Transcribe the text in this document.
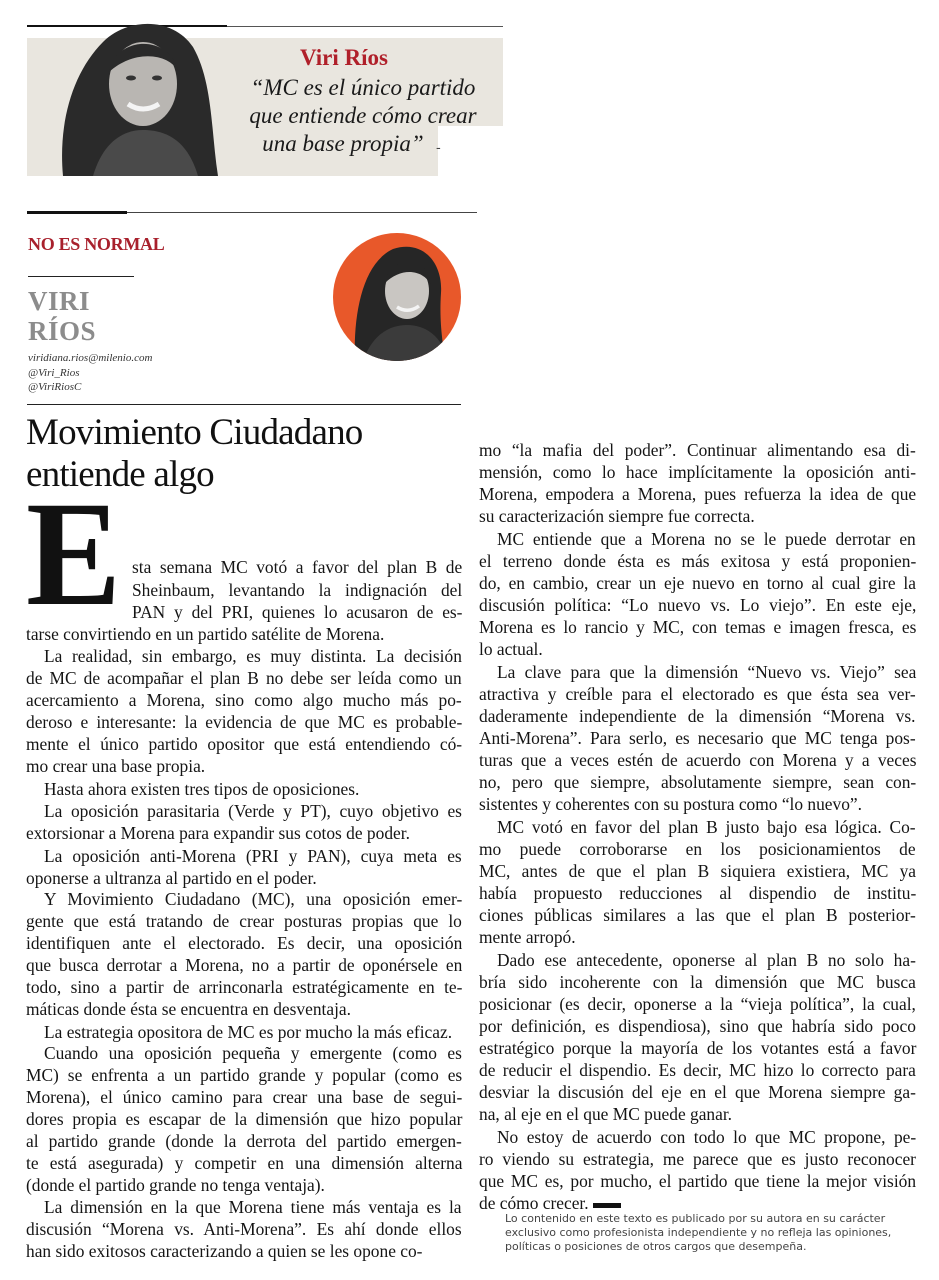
Viri Ríos
“MC es el único partido
que entiende cómo crear
una base propia” -
NO ES NORMAL
VIRI
RÍOS
viridiana.rios@milenio.com
@Viri_Rios
@ViriRiosC
Movimiento Ciudadano
entiende algo
E sta semana MC votó a favor del plan B de
Sheinbaum, levantando la indignación del
PAN y del PRI, quienes lo acusaron de es-
tarse convirtiendo en un partido satélite de Morena.
La realidad, sin embargo, es muy distinta. La decisión
de MC de acompañar el plan B no debe ser leída como un
acercamiento a Morena, sino como algo mucho más po-
deroso e interesante: la evidencia de que MC es probable-
mente el único partido opositor que está entendiendo có-
mo crear una base propia.
Hasta ahora existen tres tipos de oposiciones.
La oposición parasitaria (Verde y PT), cuyo objetivo es
extorsionar a Morena para expandir sus cotos de poder.
La oposición anti-Morena (PRI y PAN), cuya meta es
oponerse a ultranza al partido en el poder.
Y Movimiento Ciudadano (MC), una oposición emer-
gente que está tratando de crear posturas propias que lo
identifiquen ante el electorado. Es decir, una oposición
que busca derrotar a Morena, no a partir de oponérsele en
todo, sino a partir de arrinconarla estratégicamente en te-
máticas donde ésta se encuentra en desventaja.
La estrategia opositora de MC es por mucho la más eficaz.
Cuando una oposición pequeña y emergente (como es
MC) se enfrenta a un partido grande y popular (como es
Morena), el único camino para crear una base de segui-
dores propia es escapar de la dimensión que hizo popular
al partido grande (donde la derrota del partido emergen-
te está asegurada) y competir en una dimensión alterna
(donde el partido grande no tenga ventaja).
La dimensión en la que Morena tiene más ventaja es la
discusión “Morena vs. Anti-Morena”. Es ahí donde ellos
han sido exitosos caracterizando a quien se les opone co-
mo “la mafia del poder”. Continuar alimentando esa di-
mensión, como lo hace implícitamente la oposición anti-
Morena, empodera a Morena, pues refuerza la idea de que
su caracterización siempre fue correcta.
MC entiende que a Morena no se le puede derrotar en
el terreno donde ésta es más exitosa y está proponien-
do, en cambio, crear un eje nuevo en torno al cual gire la
discusión política: “Lo nuevo vs. Lo viejo”. En este eje,
Morena es lo rancio y MC, con temas e imagen fresca, es
lo actual.
La clave para que la dimensión “Nuevo vs. Viejo” sea
atractiva y creíble para el electorado es que ésta sea ver-
daderamente independiente de la dimensión “Morena vs.
Anti-Morena”. Para serlo, es necesario que MC tenga pos-
turas que a veces estén de acuerdo con Morena y a veces
no, pero que siempre, absolutamente siempre, sean con-
sistentes y coherentes con su postura como “lo nuevo”.
MC votó en favor del plan B justo bajo esa lógica. Co-
mo puede corroborarse en los posicionamientos de
MC, antes de que el plan B siquiera existiera, MC ya
había propuesto reducciones al dispendio de institu-
ciones públicas similares a las que el plan B posterior-
mente arropó.
Dado ese antecedente, oponerse al plan B no solo ha-
bría sido incoherente con la dimensión que MC busca
posicionar (es decir, oponerse a la “vieja política”, la cual,
por definición, es dispendiosa), sino que habría sido poco
estratégico porque la mayoría de los votantes está a favor
de reducir el dispendio. Es decir, MC hizo lo correcto para
desviar la discusión del eje en el que Morena siempre ga-
na, al eje en el que MC puede ganar.
No estoy de acuerdo con todo lo que MC propone, pe-
ro viendo su estrategia, me parece que es justo reconocer
que MC es, por mucho, el partido que tiene la mejor visión
de cómo crecer.
Lo contenido en este texto es publicado por su autora en su carácter exclusivo como profesionista independiente y no refleja las opiniones, políticas o posiciones de otros cargos que desempeña.
